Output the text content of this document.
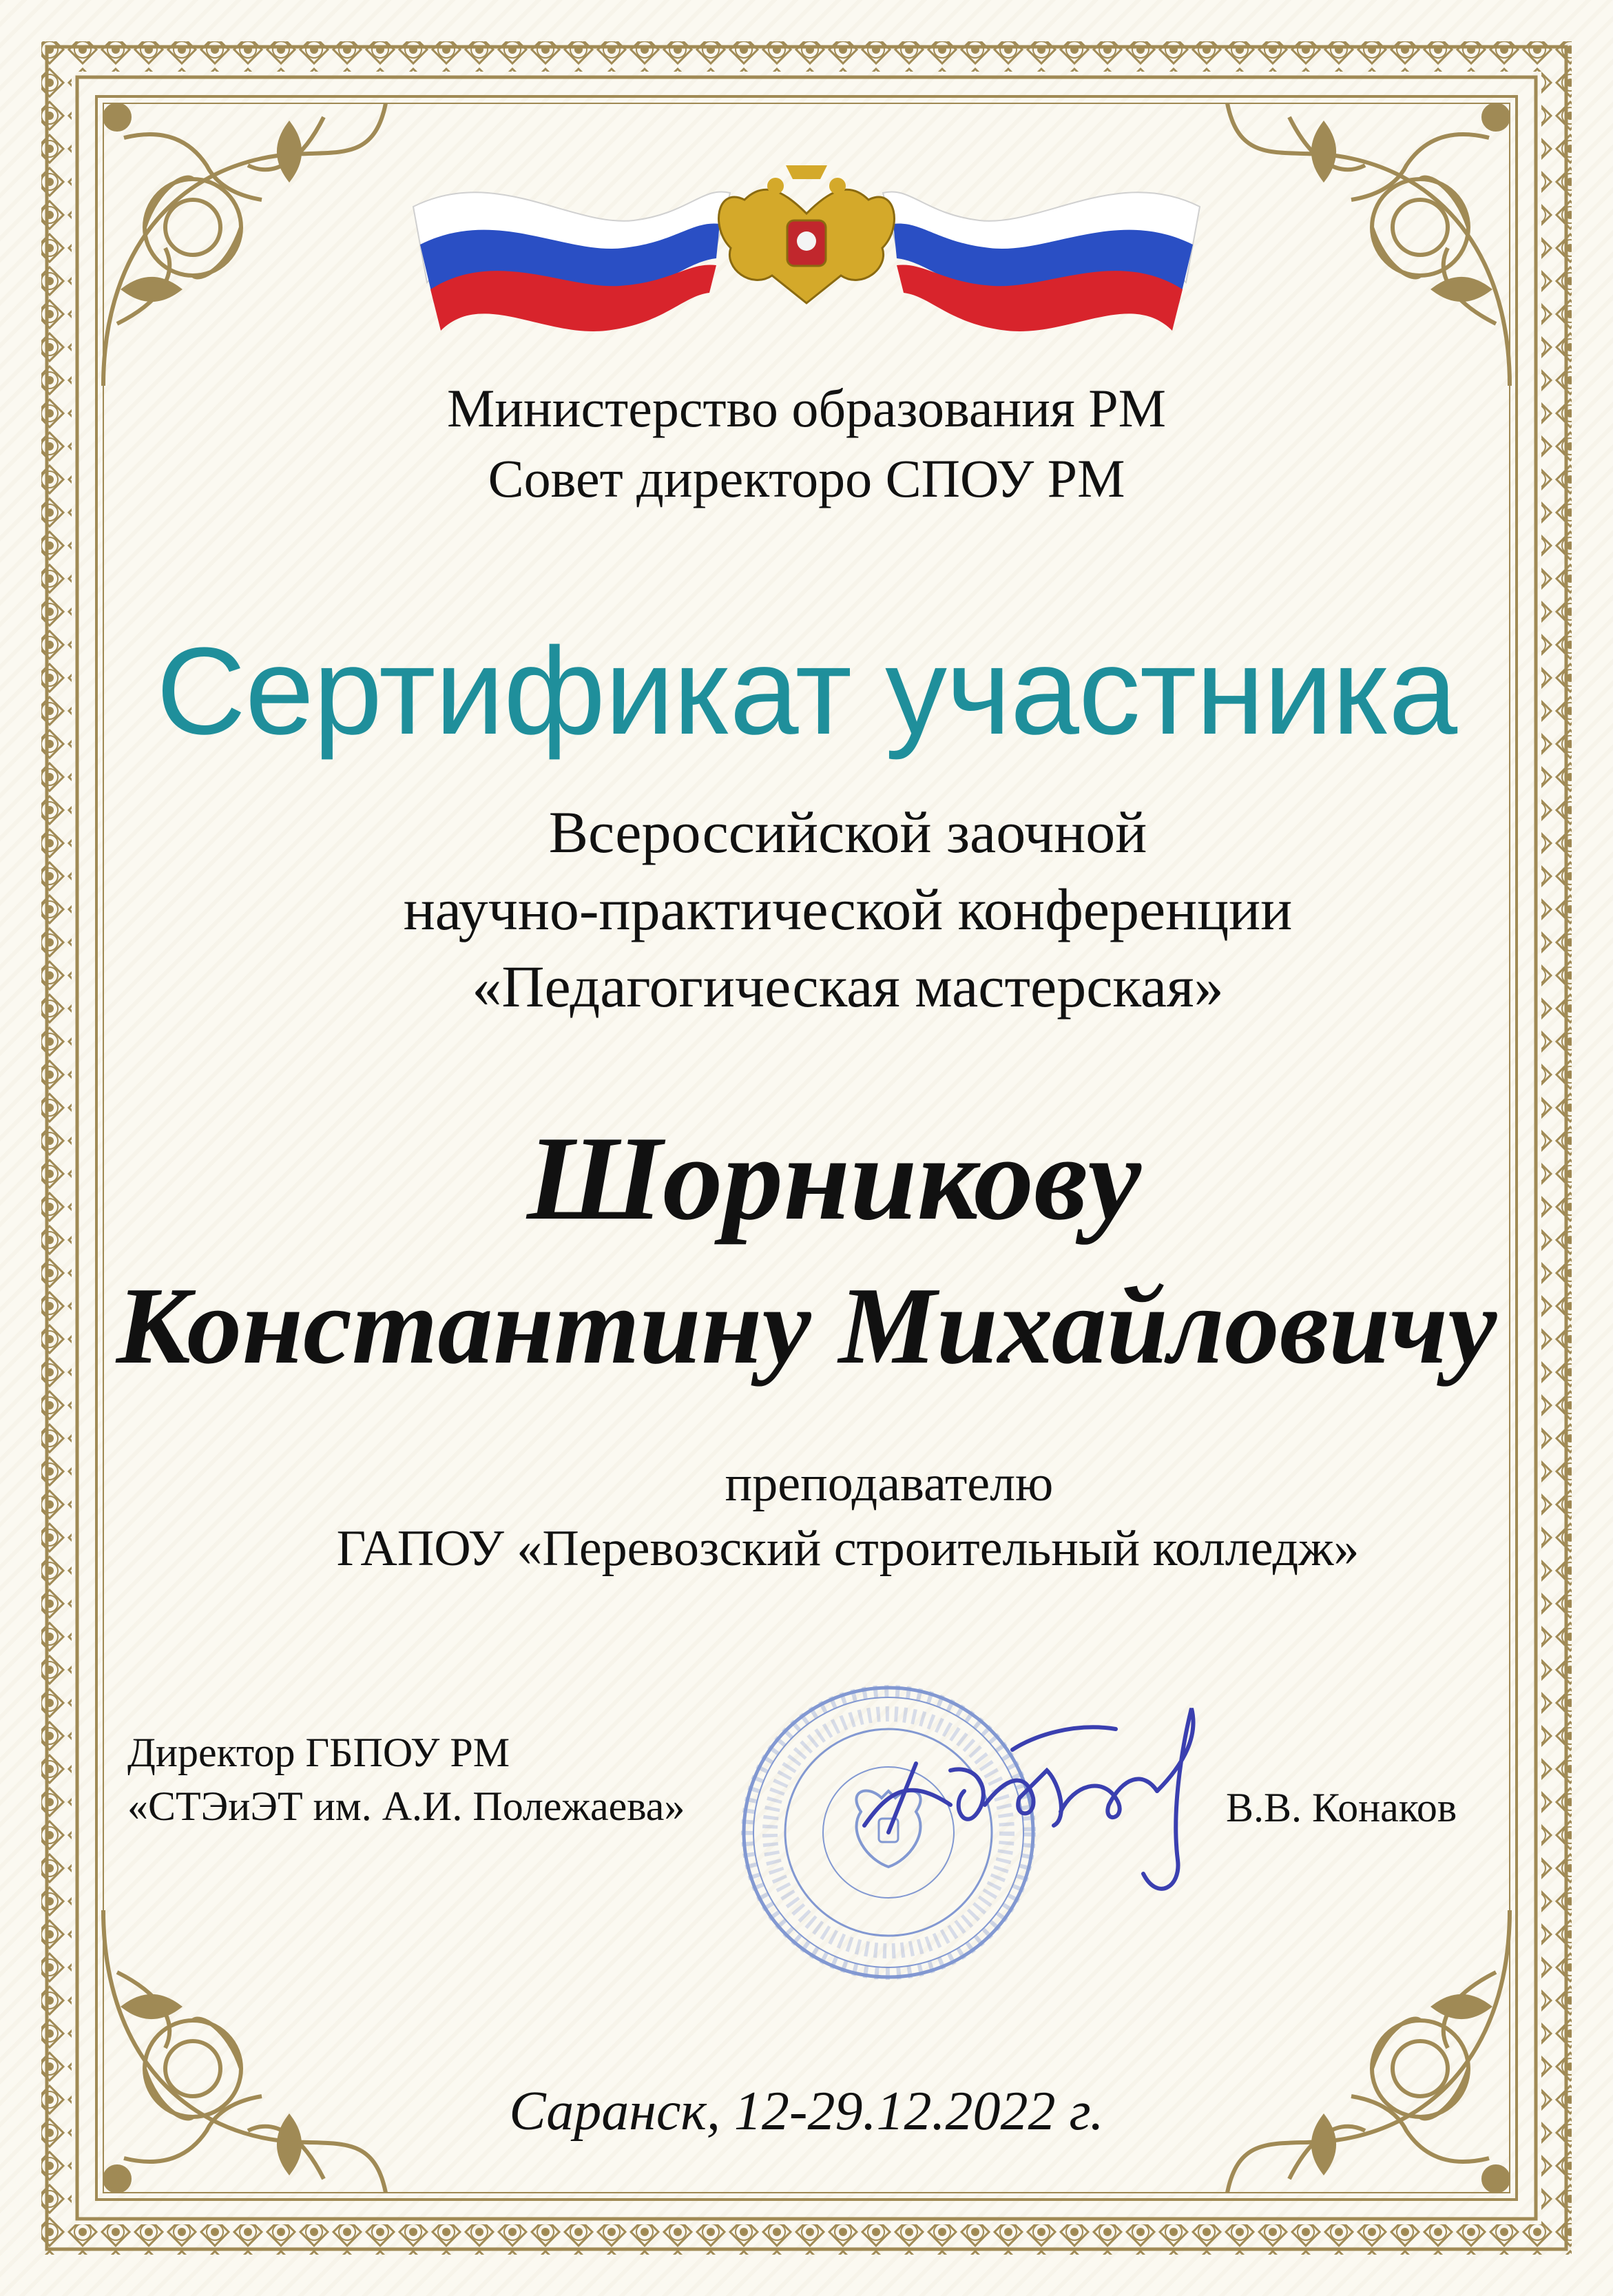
Министерство образования РМ
Совет директоро СПОУ РМ
Сертификат участника
Всероссийской заочной
научно-практической конференции
«Педагогическая мастерская»
Шорникову
Константину Михайловичу
преподавателю
ГАПОУ «Перевозский строительный колледж»
Директор ГБПОУ РМ
«СТЭиЭТ им. А.И. Полежаева»	В.В. Конаков
Саранск, 12-29.12.2022 г.
